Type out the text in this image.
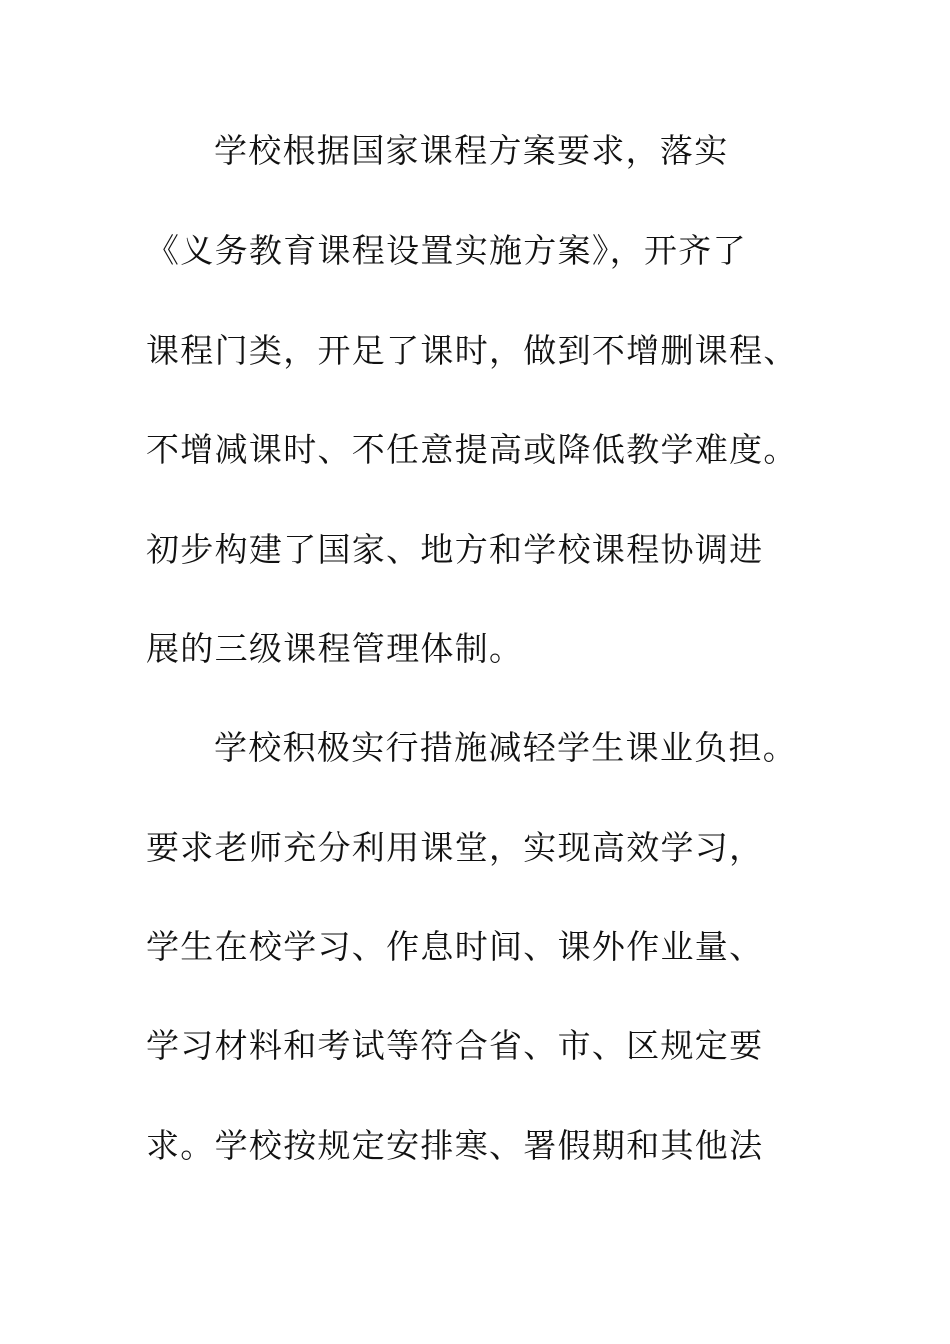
学校根据国家课程方案要求，落实
《义务教育课程设置实施方案》，开齐了
课程门类，开足了课时，做到不增删课程、
不增减课时、不任意提高或降低教学难度。
初步构建了国家、地方和学校课程协调进
展的三级课程管理体制。
学校积极实行措施减轻学生课业负担。
要求老师充分利用课堂，实现高效学习，
学生在校学习、作息时间、课外作业量、
学习材料和考试等符合省、市、区规定要
求。学校按规定安排寒、署假期和其他法
